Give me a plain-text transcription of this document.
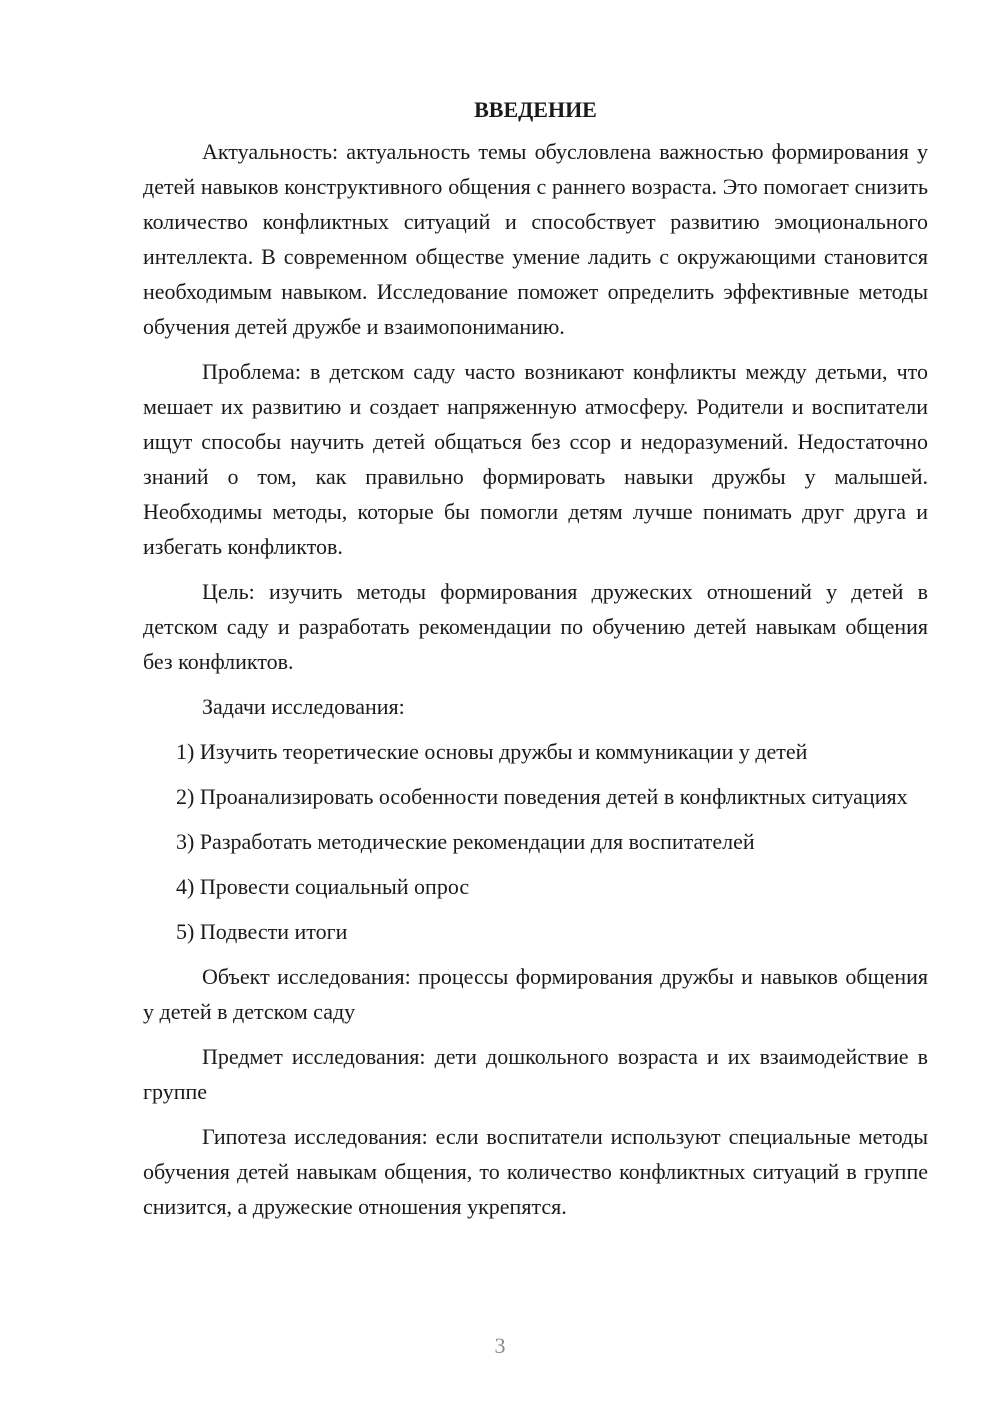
ВВЕДЕНИЕ

Актуальность: актуальность темы обусловлена важностью формирования у детей навыков конструктивного общения с раннего возраста. Это помогает снизить количество конфликтных ситуаций и способствует развитию эмоционального интеллекта. В современном обществе умение ладить с окружающими становится необходимым навыком. Исследование поможет определить эффективные методы обучения детей дружбе и взаимопониманию.

Проблема: в детском саду часто возникают конфликты между детьми, что мешает их развитию и создает напряженную атмосферу. Родители и воспитатели ищут способы научить детей общаться без ссор и недоразумений. Недостаточно знаний о том, как правильно формировать навыки дружбы у малышей. Необходимы методы, которые бы помогли детям лучше понимать друг друга и избегать конфликтов.

Цель: изучить методы формирования дружеских отношений у детей в детском саду и разработать рекомендации по обучению детей навыкам общения без конфликтов.

Задачи исследования:

1) Изучить теоретические основы дружбы и коммуникации у детей

2) Проанализировать особенности поведения детей в конфликтных ситуациях

3) Разработать методические рекомендации для воспитателей

4) Провести социальный опрос

5) Подвести итоги

Объект исследования: процессы формирования дружбы и навыков общения у детей в детском саду

Предмет исследования: дети дошкольного возраста и их взаимодействие в группе

Гипотеза исследования: если воспитатели используют специальные методы обучения детей навыкам общения, то количество конфликтных ситуаций в группе снизится, а дружеские отношения укрепятся.

3
